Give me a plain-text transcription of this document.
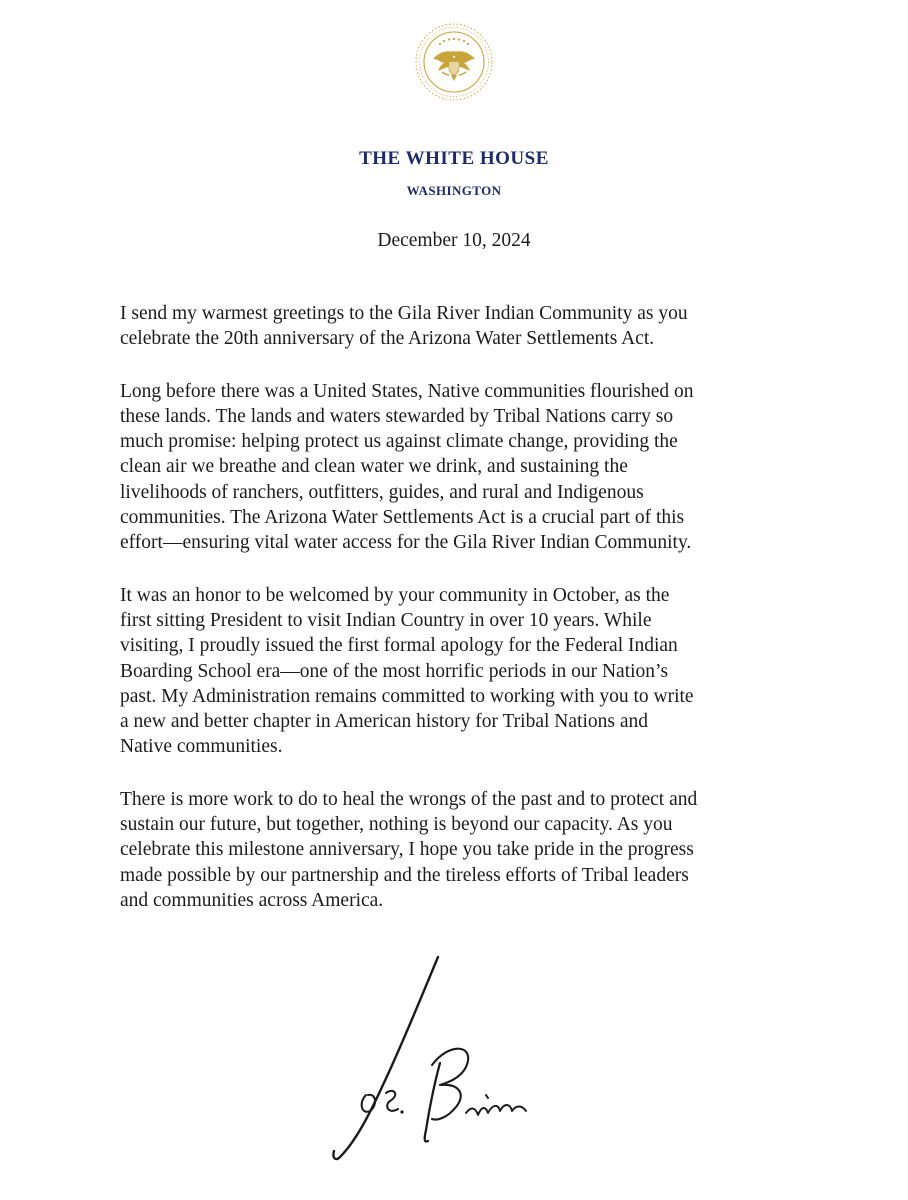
THE WHITE HOUSE
WASHINGTON
December 10, 2024
I send my warmest greetings to the Gila River Indian Community as you
celebrate the 20th anniversary of the Arizona Water Settlements Act.
Long before there was a United States, Native communities flourished on
these lands. The lands and waters stewarded by Tribal Nations carry so
much promise: helping protect us against climate change, providing the
clean air we breathe and clean water we drink, and sustaining the
livelihoods of ranchers, outfitters, guides, and rural and Indigenous
communities. The Arizona Water Settlements Act is a crucial part of this
effort—ensuring vital water access for the Gila River Indian Community.
It was an honor to be welcomed by your community in October, as the
first sitting President to visit Indian Country in over 10 years. While
visiting, I proudly issued the first formal apology for the Federal Indian
Boarding School era—one of the most horrific periods in our Nation’s
past. My Administration remains committed to working with you to write
a new and better chapter in American history for Tribal Nations and
Native communities.
There is more work to do to heal the wrongs of the past and to protect and
sustain our future, but together, nothing is beyond our capacity. As you
celebrate this milestone anniversary, I hope you take pride in the progress
made possible by our partnership and the tireless efforts of Tribal leaders
and communities across America.
